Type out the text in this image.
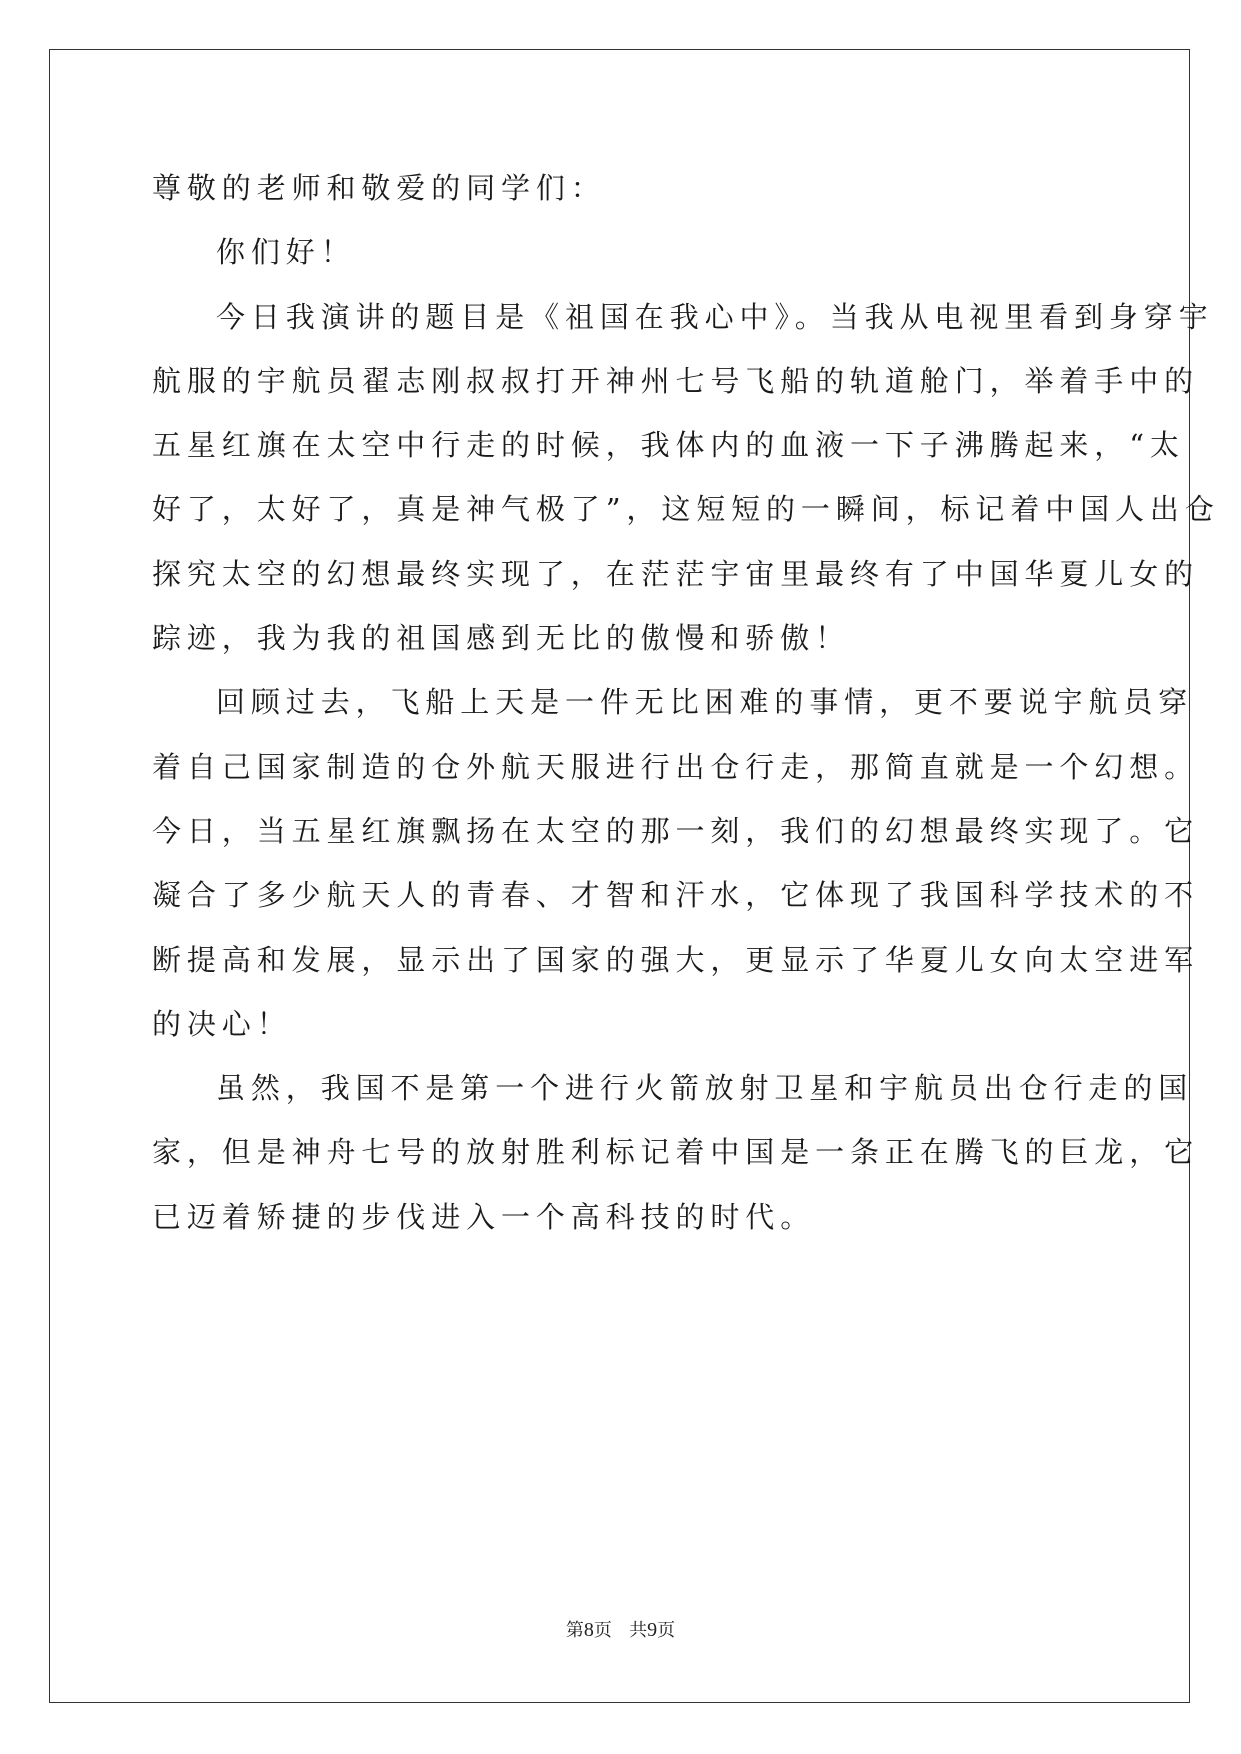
尊敬的老师和敬爱的同学们：
你们好！
今日我演讲的题目是《祖国在我心中》。当我从电视里看到身穿宇
航服的宇航员翟志刚叔叔打开神州七号飞船的轨道舱门，举着手中的
五星红旗在太空中行走的时候，我体内的血液一下子沸腾起来，“太
好了，太好了，真是神气极了”，这短短的一瞬间，标记着中国人出仓
探究太空的幻想最终实现了，在茫茫宇宙里最终有了中国华夏儿女的
踪迹，我为我的祖国感到无比的傲慢和骄傲！
回顾过去，飞船上天是一件无比困难的事情，更不要说宇航员穿
着自己国家制造的仓外航天服进行出仓行走，那简直就是一个幻想。
今日，当五星红旗飘扬在太空的那一刻，我们的幻想最终实现了。它
凝合了多少航天人的青春、才智和汗水，它体现了我国科学技术的不
断提高和发展，显示出了国家的强大，更显示了华夏儿女向太空进军
的决心！
虽然，我国不是第一个进行火箭放射卫星和宇航员出仓行走的国
家，但是神舟七号的放射胜利标记着中国是一条正在腾飞的巨龙，它
已迈着矫捷的步伐进入一个高科技的时代。
第8页 共9页
